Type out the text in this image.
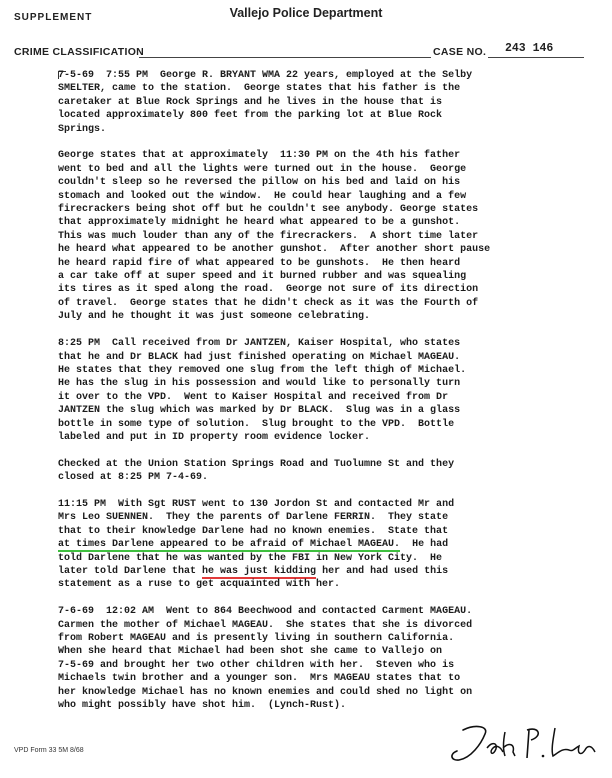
SUPPLEMENT	Vallejo Police Department
CRIME CLASSIFICATION	CASE NO. 243 146
7-5-69  7:55 PM  George R. BRYANT WMA 22 years, employed at the Selby
SMELTER, came to the station.  George states that his father is the
caretaker at Blue Rock Springs and he lives in the house that is
located approximately 800 feet from the parking lot at Blue Rock
Springs.
George states that at approximately  11:30 PM on the 4th his father
went to bed and all the lights were turned out in the house.  George
couldn't sleep so he reversed the pillow on his bed and laid on his
stomach and looked out the window.  He could hear laughing and a few
firecrackers being shot off but he couldn't see anybody. George states
that approximately midnight he heard what appeared to be a gunshot.
This was much louder than any of the firecrackers.  A short time later
he heard what appeared to be another gunshot.  After another short pause
he heard rapid fire of what appeared to be gunshots.  He then heard
a car take off at super speed and it burned rubber and was squealing
its tires as it sped along the road.  George not sure of its direction
of travel.  George states that he didn't check as it was the Fourth of
July and he thought it was just someone celebrating.
8:25 PM  Call received from Dr JANTZEN, Kaiser Hospital, who states
that he and Dr BLACK had just finished operating on Michael MAGEAU.
He states that they removed one slug from the left thigh of Michael.
He has the slug in his possession and would like to personally turn
it over to the VPD.  Went to Kaiser Hospital and received from Dr
JANTZEN the slug which was marked by Dr BLACK.  Slug was in a glass
bottle in some type of solution.  Slug brought to the VPD.  Bottle
labeled and put in ID property room evidence locker.
Checked at the Union Station Springs Road and Tuolumne St and they
closed at 8:25 PM 7-4-69.
11:15 PM  With Sgt RUST went to 130 Jordon St and contacted Mr and
Mrs Leo SUENNEN.  They the parents of Darlene FERRIN.  They state
that to their knowledge Darlene had no known enemies.  State that
at times Darlene appeared to be afraid of Michael MAGEAU.  He had
told Darlene that he was wanted by the FBI in New York City.  He
later told Darlene that he was just kidding her and had used this
statement as a ruse to get acquainted with her.
7-6-69  12:02 AM  Went to 864 Beechwood and contacted Carment MAGEAU.
Carmen the mother of Michael MAGEAU.  She states that she is divorced
from Robert MAGEAU and is presently living in southern California.
When she heard that Michael had been shot she came to Vallejo on
7-5-69 and brought her two other children with her.  Steven who is
Michaels twin brother and a younger son.  Mrs MAGEAU states that to
her knowledge Michael has no known enemies and could shed no light on
who might possibly have shot him.  (Lynch-Rust).
VPD Form 33 5M 8/68
